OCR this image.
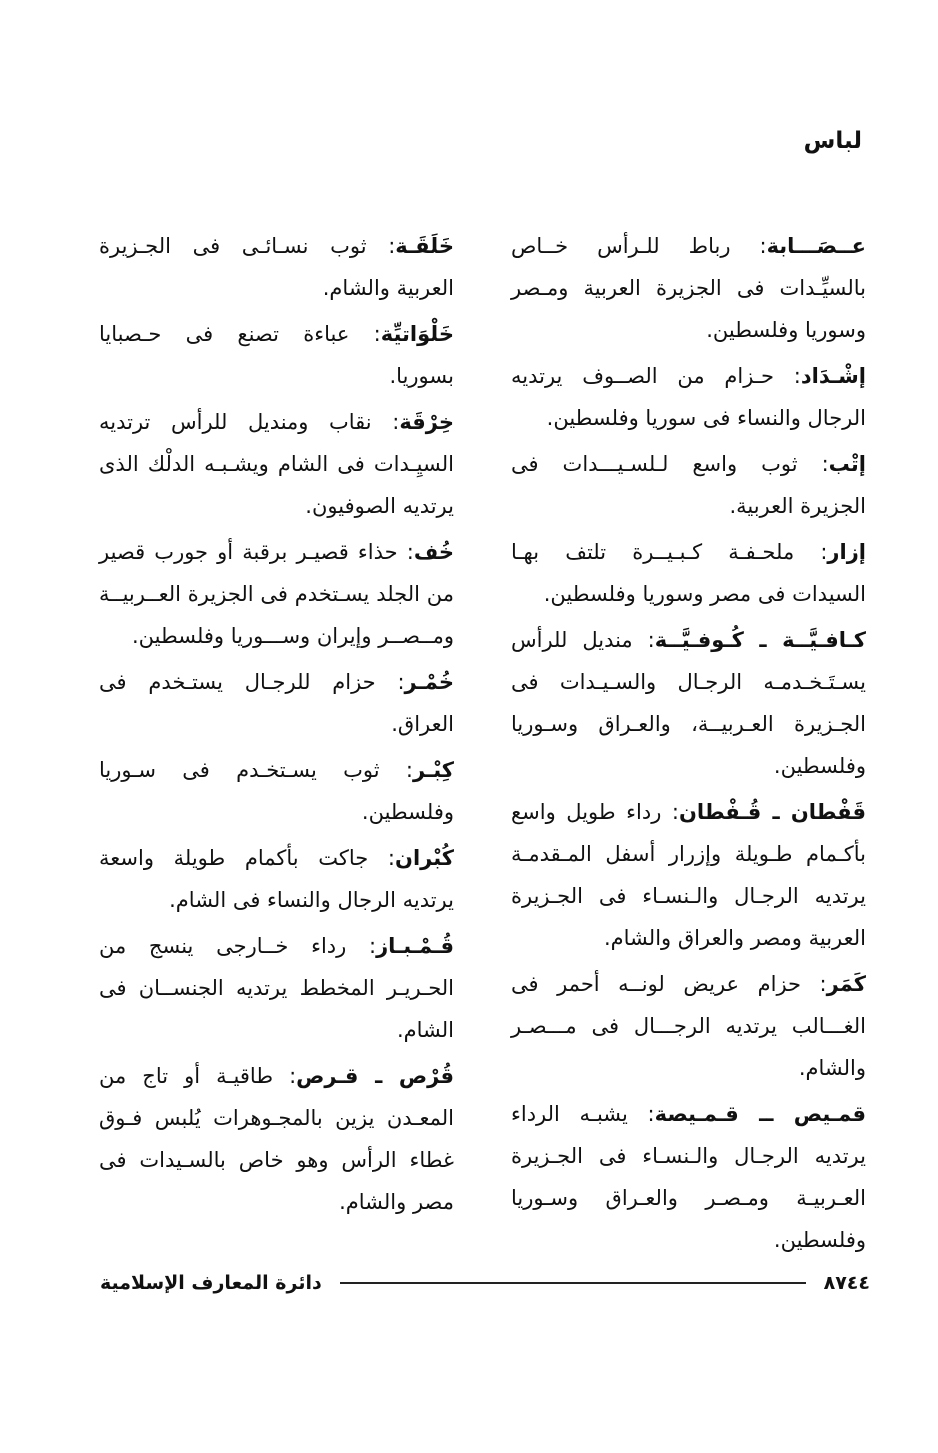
لباس

عــصَـــابة: رباط للـرأس خــاص بالسيِّـدات فى الجزيرة العربية ومـصر وسوريا وفلسطين.

إشْـدَاد: حـزام من الصــوف يرتديه الرجال والنساء فى سوريا وفلسطين.

إتْب: ثوب واسع لـلسـيـــدات فى الجزيرة العربية.

إزار: ملحـفـة كـبـيــرة تلتف بهـا السيدات فى مصر وسوريا وفلسطين.

كـافـيَّــة ـ كُـوفـيَّــة: منديل للرأس يسـتَـخـدمـه الرجـال والسـيـدات فى الجـزيرة العـربيــة، والعـراق وسـوريا وفلسطين.

قَفْطان ـ قُـفْطان: رداء طويل واسع بأكـمام طـويلة وإزرار أسفل المـقدمـة يرتديه الرجـال والـنسـاء فى الجـزيرة العربية ومصر والعراق والشام.

كَمَر: حزام عريض لونــه أحمر فى الغـــالب يرتديه الرجـــال فى مـــصـر والشام.

قمـيص ــ قـمـيصة: يشبـه الرداء يرتديه الرجـال والـنسـاء فى الجـزيرة العـربيـة ومـصـر والعـراق وسـوريا وفلسطين.

خَلَقَـة: ثوب نسـائـى فى الجـزيرة العربية والشام.

خَلْوَاتيِّة: عباءة تصنع فى حـصبايا بسوريا.

خِرْقَة: نقاب ومنديل للرأس ترتديه السيِـدات فى الشام ويشـبـه الدلْك الذى يرتديه الصوفيون.

خُف: حذاء قصيـر برقبة أو جورب قصير من الجلد يسـتخدم فى الجزيرة العــربيــة ومــصــر وإيران وســـوريا وفلسطين.

خُمْـر: حزام للرجـال يستـخدم فى العراق.

كِبْـر: ثوب يسـتخـدم فى سـوريا وفلسطين.

كُبْران: جاكت بأكمام طويلة واسعة يرتديه الرجال والنساء فى الشام.

قُـمْـبـاز: رداء خــارجى ينسج من الحـريـر المخطط يرتديه الجنســان فى الشام.

قُرْص ـ قـرص: طاقيـة أو تاج من المعـدن يزين بالمجـوهرات يُلبس فـوق غطاء الرأس وهو خاص بالسـيدات فى مصر والشام.

٨٧٤٤
دائرة المعارف الإسلامية
